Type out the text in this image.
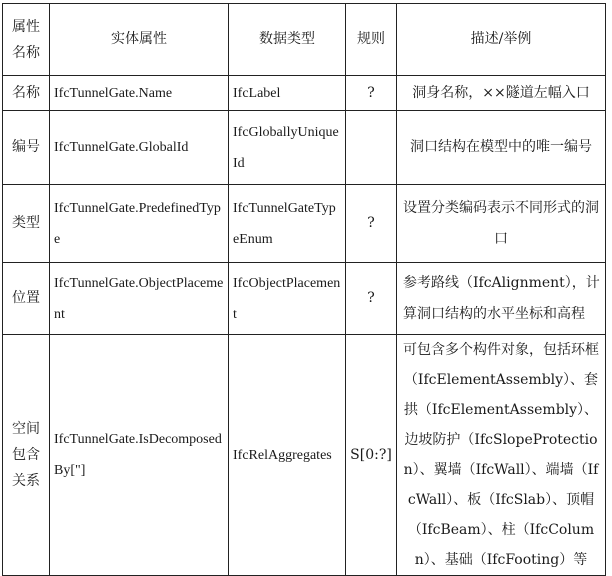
属性名称	实体属性	数据类型	规则	描述/举例
名称	IfcTunnelGate.Name	IfcLabel	?	洞身名称，××隧道左幅入口
编号	IfcTunnelGate.GlobalId	IfcGloballyUniqueId		洞口结构在模型中的唯一编号
类型	IfcTunnelGate.PredefinedType	IfcTunnelGateTypeEnum	?	设置分类编码表示不同形式的洞口
位置	IfcTunnelGate.ObjectPlacement	IfcObjectPlacement	?	参考路线（IfcAlignment），计算洞口结构的水平坐标和高程
空间包含关系	IfcTunnelGate.IsDecomposedBy["]	IfcRelAggregates	S[0:?]	可包含多个构件对象，包括环框（IfcElementAssembly）、套拱（IfcElementAssembly）、边坡防护（IfcSlopeProtection）、翼墙（IfcWall）、端墙（IfcWall）、板（IfcSlab）、顶帽（IfcBeam）、柱（IfcColumn）、基础（IfcFooting）等
